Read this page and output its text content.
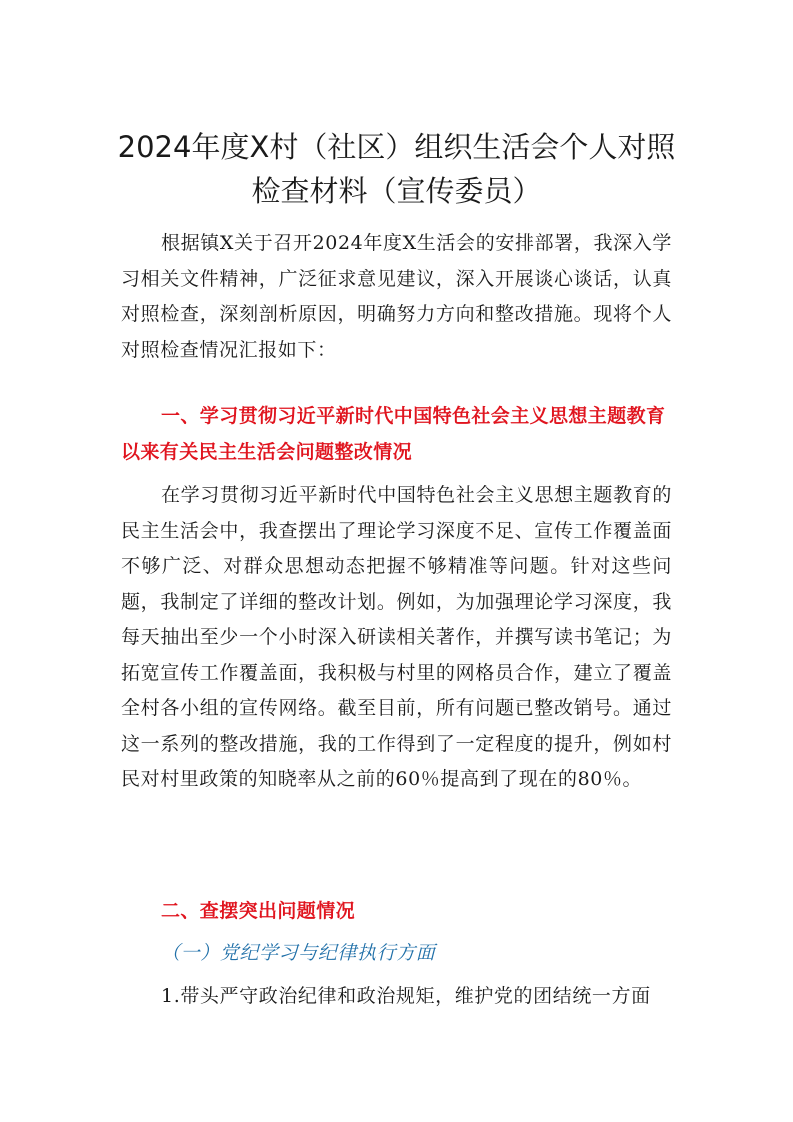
2024年度X村（社区）组织生活会个人对照
检查材料（宣传委员）

根据镇X关于召开2024年度X生活会的安排部署，我深入学习相关文件精神，广泛征求意见建议，深入开展谈心谈话，认真对照检查，深刻剖析原因，明确努力方向和整改措施。现将个人对照检查情况汇报如下：

一、学习贯彻习近平新时代中国特色社会主义思想主题教育以来有关民主生活会问题整改情况

在学习贯彻习近平新时代中国特色社会主义思想主题教育的民主生活会中，我查摆出了理论学习深度不足、宣传工作覆盖面不够广泛、对群众思想动态把握不够精准等问题。针对这些问题，我制定了详细的整改计划。例如，为加强理论学习深度，我每天抽出至少一个小时深入研读相关著作，并撰写读书笔记；为拓宽宣传工作覆盖面，我积极与村里的网格员合作，建立了覆盖全村各小组的宣传网络。截至目前，所有问题已整改销号。通过这一系列的整改措施，我的工作得到了一定程度的提升，例如村民对村里政策的知晓率从之前的60％提高到了现在的80％。

二、查摆突出问题情况

（一）党纪学习与纪律执行方面

1.带头严守政治纪律和政治规矩，维护党的团结统一方面
